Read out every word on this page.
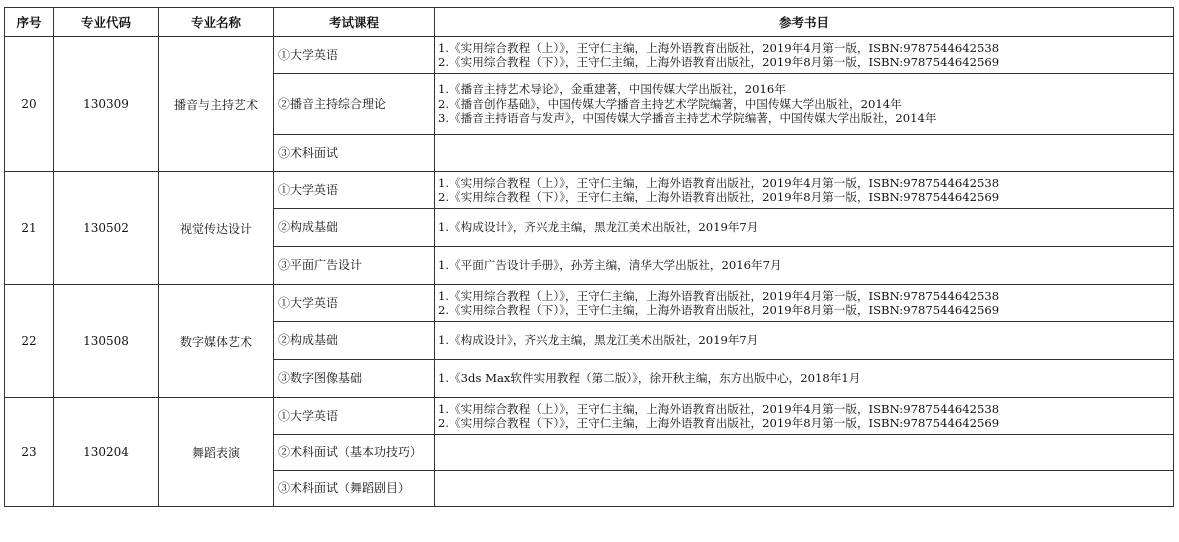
序号	专业代码	专业名称	考试课程	参考书目
20	130309	播音与主持艺术	①大学英语	1.《实用综合教程（上）》，王守仁主编，上海外语教育出版社，2019年4月第一版，ISBN:9787544642538
2.《实用综合教程（下）》，王守仁主编，上海外语教育出版社，2019年8月第一版，ISBN:9787544642569

			②播音主持综合理论	1.《播音主持艺术导论》，金重建著，中国传媒大学出版社，2016年
2.《播音创作基础》，中国传媒大学播音主持艺术学院编著，中国传媒大学出版社，2014年
3.《播音主持语音与发声》，中国传媒大学播音主持艺术学院编著，中国传媒大学出版社，2014年

			③术科面试	
21	130502	视觉传达设计	①大学英语	1.《实用综合教程（上）》，王守仁主编，上海外语教育出版社，2019年4月第一版，ISBN:9787544642538
2.《实用综合教程（下）》，王守仁主编，上海外语教育出版社，2019年8月第一版，ISBN:9787544642569

			②构成基础	1.《构成设计》，齐兴龙主编，黑龙江美术出版社，2019年7月

			③平面广告设计	1.《平面广告设计手册》，孙芳主编，清华大学出版社，2016年7月

22	130508	数字媒体艺术	①大学英语	1.《实用综合教程（上）》，王守仁主编，上海外语教育出版社，2019年4月第一版，ISBN:9787544642538
2.《实用综合教程（下）》，王守仁主编，上海外语教育出版社，2019年8月第一版，ISBN:9787544642569

			②构成基础	1.《构成设计》，齐兴龙主编，黑龙江美术出版社，2019年7月

			③数字图像基础	1.《3ds Max软件实用教程（第二版）》，徐开秋主编，东方出版中心，2018年1月

23	130204	舞蹈表演	①大学英语	1.《实用综合教程（上）》，王守仁主编，上海外语教育出版社，2019年4月第一版，ISBN:9787544642538
2.《实用综合教程（下）》，王守仁主编，上海外语教育出版社，2019年8月第一版，ISBN:9787544642569

			②术科面试（基本功技巧）	
			③术科面试（舞蹈剧目）	
